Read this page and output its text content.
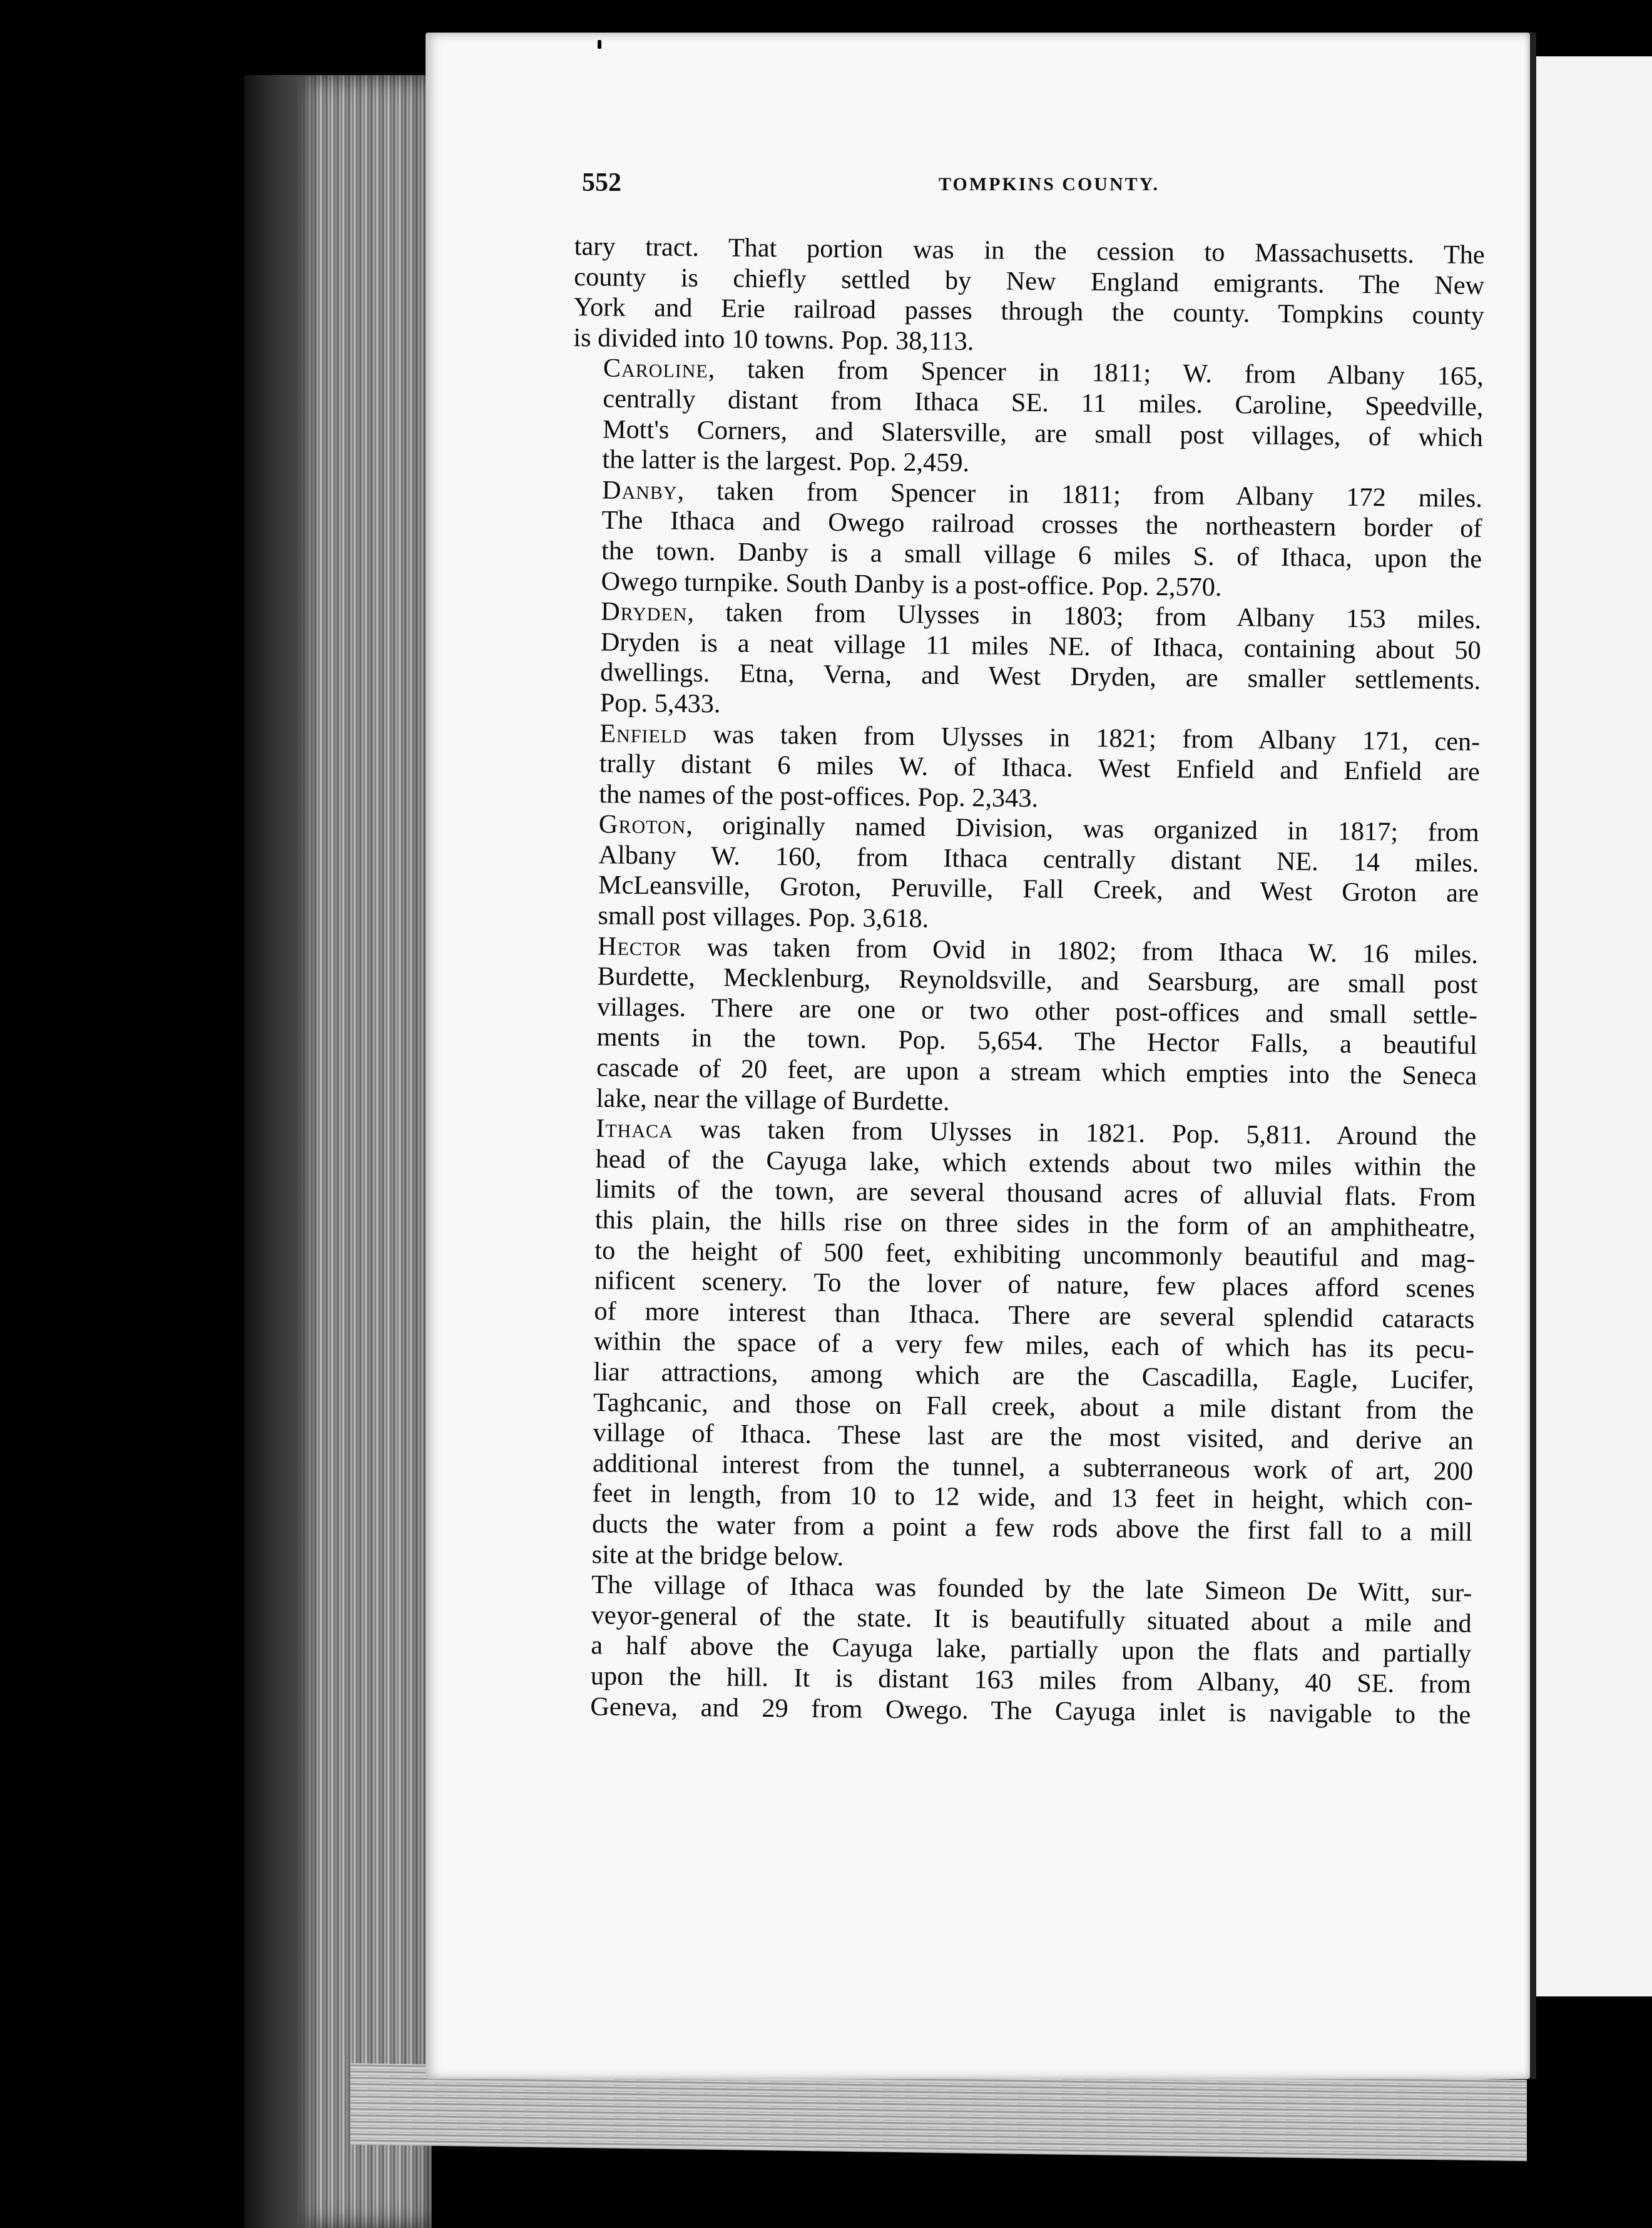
552	TOMPKINS COUNTY.
tary tract. That portion was in the cession to Massachusetts. The
county is chiefly settled by New England emigrants. The New
York and Erie railroad passes through the county. Tompkins county
is divided into 10 towns. Pop. 38,113.
Caroline, taken from Spencer in 1811; W. from Albany 165,
centrally distant from Ithaca SE. 11 miles. Caroline, Speedville,
Mott's Corners, and Slatersville, are small post villages, of which
the latter is the largest. Pop. 2,459.
Danby, taken from Spencer in 1811; from Albany 172 miles.
The Ithaca and Owego railroad crosses the northeastern border of
the town. Danby is a small village 6 miles S. of Ithaca, upon the
Owego turnpike. South Danby is a post-office. Pop. 2,570.
Dryden, taken from Ulysses in 1803; from Albany 153 miles.
Dryden is a neat village 11 miles NE. of Ithaca, containing about 50
dwellings. Etna, Verna, and West Dryden, are smaller settlements.
Pop. 5,433.
Enfield was taken from Ulysses in 1821; from Albany 171, cen-
trally distant 6 miles W. of Ithaca. West Enfield and Enfield are
the names of the post-offices. Pop. 2,343.
Groton, originally named Division, was organized in 1817; from
Albany W. 160, from Ithaca centrally distant NE. 14 miles.
McLeansville, Groton, Peruville, Fall Creek, and West Groton are
small post villages. Pop. 3,618.
Hector was taken from Ovid in 1802; from Ithaca W. 16 miles.
Burdette, Mecklenburg, Reynoldsville, and Searsburg, are small post
villages. There are one or two other post-offices and small settle-
ments in the town. Pop. 5,654. The Hector Falls, a beautiful
cascade of 20 feet, are upon a stream which empties into the Seneca
lake, near the village of Burdette.
Ithaca was taken from Ulysses in 1821. Pop. 5,811. Around the
head of the Cayuga lake, which extends about two miles within the
limits of the town, are several thousand acres of alluvial flats. From
this plain, the hills rise on three sides in the form of an amphitheatre,
to the height of 500 feet, exhibiting uncommonly beautiful and mag-
nificent scenery. To the lover of nature, few places afford scenes
of more interest than Ithaca. There are several splendid cataracts
within the space of a very few miles, each of which has its pecu-
liar attractions, among which are the Cascadilla, Eagle, Lucifer,
Taghcanic, and those on Fall creek, about a mile distant from the
village of Ithaca. These last are the most visited, and derive an
additional interest from the tunnel, a subterraneous work of art, 200
feet in length, from 10 to 12 wide, and 13 feet in height, which con-
ducts the water from a point a few rods above the first fall to a mill
site at the bridge below.
The village of Ithaca was founded by the late Simeon De Witt, sur-
veyor-general of the state. It is beautifully situated about a mile and
a half above the Cayuga lake, partially upon the flats and partially
upon the hill. It is distant 163 miles from Albany, 40 SE. from
Geneva, and 29 from Owego. The Cayuga inlet is navigable to the
